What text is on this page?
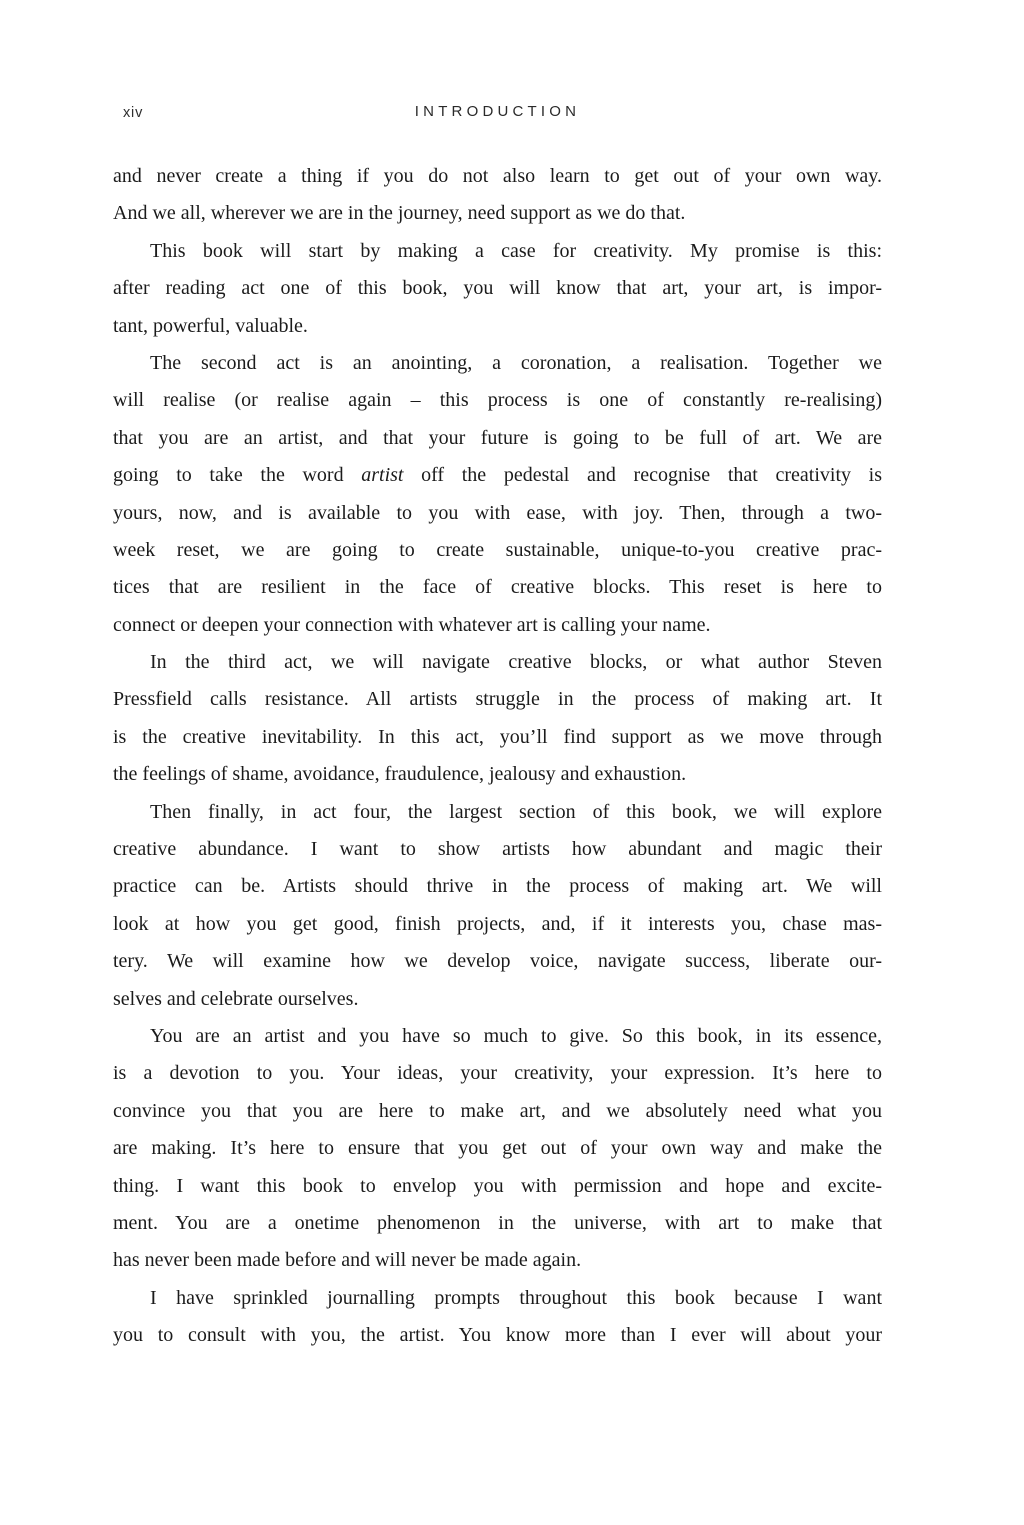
xiv	INTRODUCTION
and never create a thing if you do not also learn to get out of your own way.
And we all, wherever we are in the journey, need support as we do that.
This book will start by making a case for creativity. My promise is this:
after reading act one of this book, you will know that art, your art, is impor-
tant, powerful, valuable.
The second act is an anointing, a coronation, a realisation. Together we
will realise (or realise again – this process is one of constantly re-realising)
that you are an artist, and that your future is going to be full of art. We are
going to take the word artist off the pedestal and recognise that creativity is
yours, now, and is available to you with ease, with joy. Then, through a two-
week reset, we are going to create sustainable, unique-to-you creative prac-
tices that are resilient in the face of creative blocks. This reset is here to
connect or deepen your connection with whatever art is calling your name.
In the third act, we will navigate creative blocks, or what author Steven
Pressfield calls resistance. All artists struggle in the process of making art. It
is the creative inevitability. In this act, you’ll find support as we move through
the feelings of shame, avoidance, fraudulence, jealousy and exhaustion.
Then finally, in act four, the largest section of this book, we will explore
creative abundance. I want to show artists how abundant and magic their
practice can be. Artists should thrive in the process of making art. We will
look at how you get good, finish projects, and, if it interests you, chase mas-
tery. We will examine how we develop voice, navigate success, liberate our-
selves and celebrate ourselves.
You are an artist and you have so much to give. So this book, in its essence,
is a devotion to you. Your ideas, your creativity, your expression. It’s here to
convince you that you are here to make art, and we absolutely need what you
are making. It’s here to ensure that you get out of your own way and make the
thing. I want this book to envelop you with permission and hope and excite-
ment. You are a onetime phenomenon in the universe, with art to make that
has never been made before and will never be made again.
I have sprinkled journalling prompts throughout this book because I want
you to consult with you, the artist. You know more than I ever will about your
